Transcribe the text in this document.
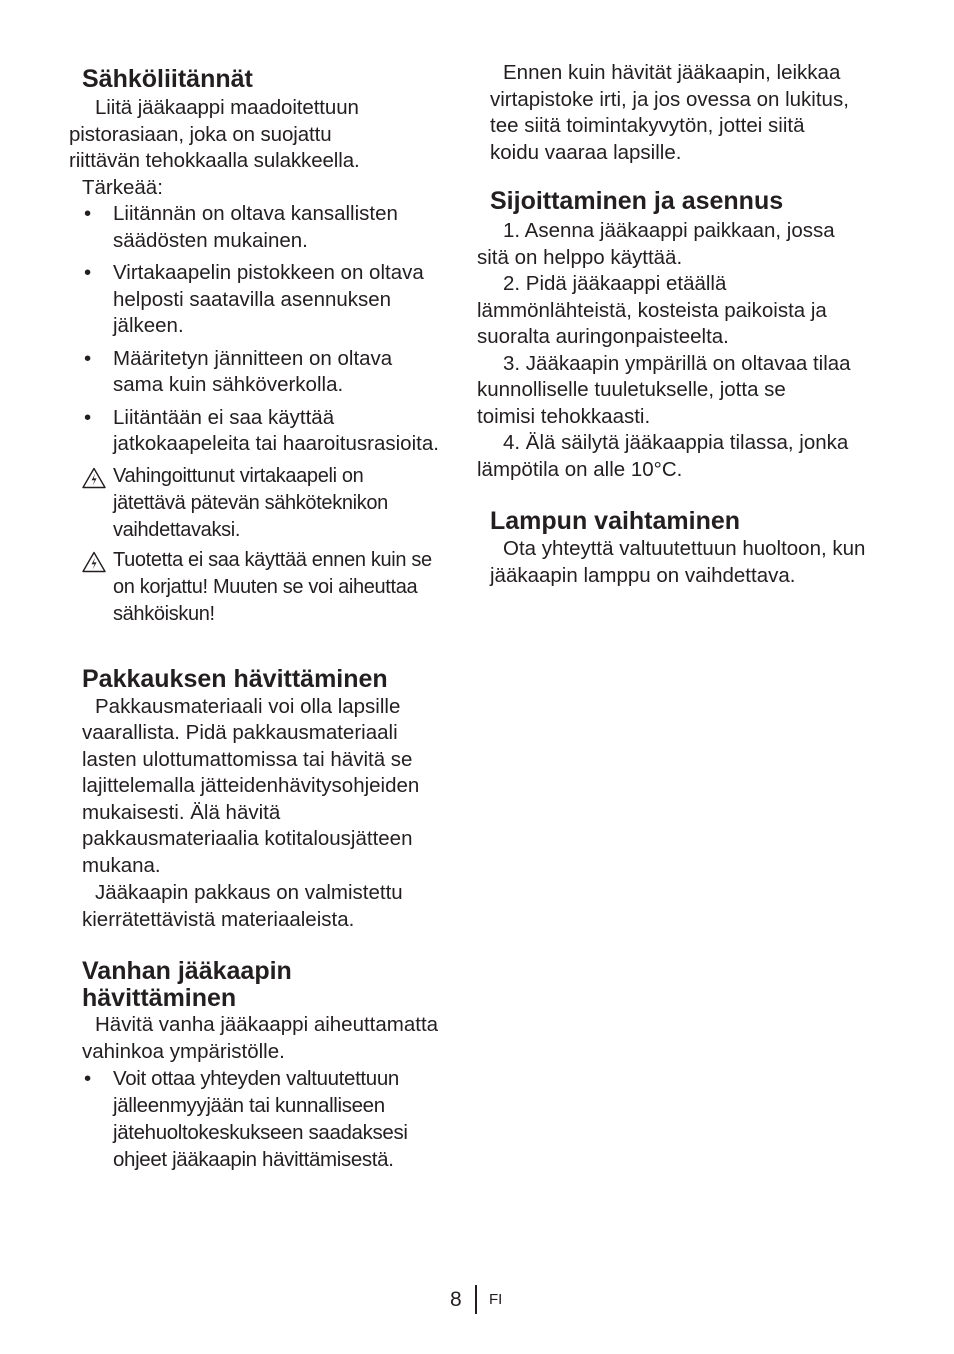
Sähköliitännät

Liitä jääkaappi maadoitettuun
pistorasiaan, joka on suojattu
riittävän tehokkaalla sulakkeella.

Tärkeää:

• Liitännän on oltava kansallisten
säädösten mukainen.
• Virtakaapelin pistokkeen on oltava
helposti saatavilla asennuksen
jälkeen.
• Määritetyn jännitteen on oltava
sama kuin sähköverkolla.
• Liitäntään ei saa käyttää
jatkokaapeleita tai haaroitusrasioita.
Vahingoittunut virtakaapeli on
jätettävä pätevän sähköteknikon
vaihdettavaksi.
Tuotetta ei saa käyttää ennen kuin se
on korjattu! Muuten se voi aiheuttaa
sähköiskun!
Pakkauksen hävittäminen

Pakkausmateriaali voi olla lapsille
vaarallista. Pidä pakkausmateriaali
lasten ulottumattomissa tai hävitä se
lajittelemalla jätteidenhävitysohjeiden
mukaisesti. Älä hävitä
pakkausmateriaalia kotitalousjätteen
mukana.

Jääkaapin pakkaus on valmistettu
kierrätettävistä materiaaleista.

Vanhan jääkaapin
hävittäminen

Hävitä vanha jääkaappi aiheuttamatta
vahinkoa ympäristölle.

• Voit ottaa yhteyden valtuutettuun
jälleenmyyjään tai kunnalliseen
jätehuoltokeskukseen saadaksesi
ohjeet jääkaapin hävittämisestä.

Ennen kuin hävität jääkaapin, leikkaa
virtapistoke irti, ja jos ovessa on lukitus,
tee siitä toimintakyvytön, jottei siitä
koidu vaaraa lapsille.

Sijoittaminen ja asennus

1. Asenna jääkaappi paikkaan, jossa
sitä on helppo käyttää.

2. Pidä jääkaappi etäällä
lämmönlähteistä, kosteista paikoista ja
suoralta auringonpaisteelta.

3. Jääkaapin ympärillä on oltavaa tilaa
kunnolliselle tuuletukselle, jotta se
toimisi tehokkaasti.

4. Älä säilytä jääkaappia tilassa, jonka
lämpötila on alle 10°C.

Lampun vaihtaminen

Ota yhteyttä valtuutettuun huoltoon, kun
jääkaapin lamppu on vaihdettava.

8 FI
